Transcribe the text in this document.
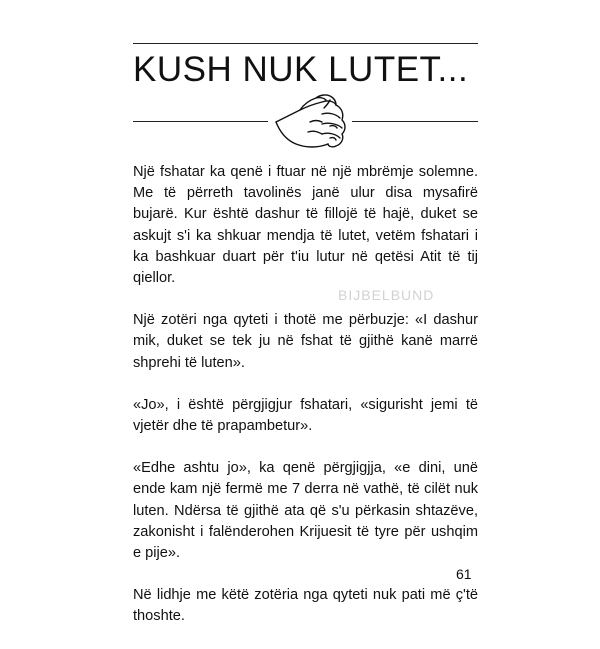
KUSH NUK LUTET...

Një fshatar ka qenë i ftuar në një mbrëmje solemne. Me të përreth tavolinës janë ulur disa mysafirë bujarë. Kur është dashur të fillojë të hajë, duket se askujt s'i ka shkuar mendja të lutet, vetëm fshatari i ka bashkuar duart për t'iu lutur në qetësi Atit të tij qiellor.

Një zotëri nga qyteti i thotë me përbuzje: «I dashur mik, duket se tek ju në fshat të gjithë kanë marrë shprehi të luten».

«Jo», i është përgjigjur fshatari, «sigurisht jemi të vjetër dhe të prapambetur».

«Edhe ashtu jo», ka qenë përgjigjja, «e dini, unë ende kam një fermë me 7 derra në vathë, të cilët nuk luten. Ndërsa të gjithë ata që s'u përkasin shtazëve, zakonisht i falënderohen Krijuesit të tyre për ushqim e pije».

Në lidhje me këtë zotëria nga qyteti nuk pati më ç'të thoshte.

BIJBELBUND
61
